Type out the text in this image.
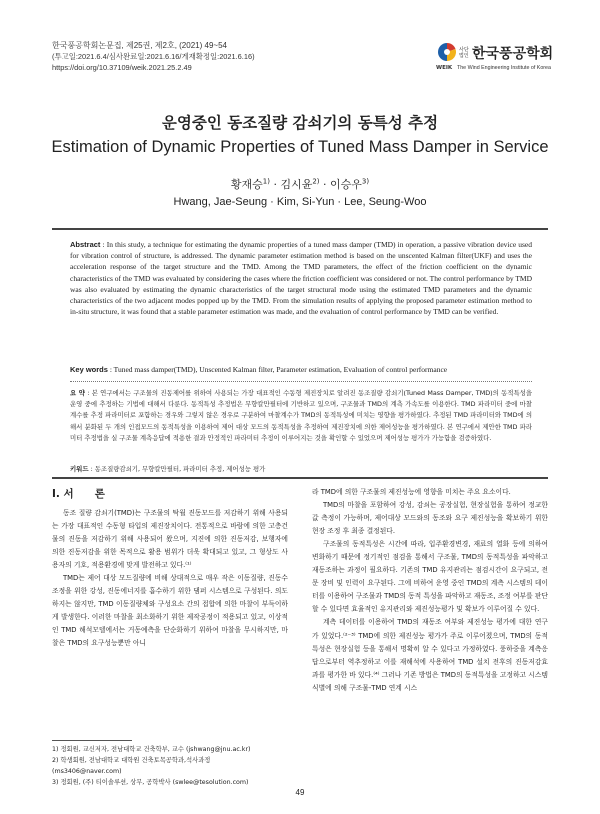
한국풍공학회논문집, 제25권, 제2호, (2021) 49~54
(투고일:2021.6.4/심사완료일:2021.6.16/게재확정일:2021.6.16)
https://doi.org/10.37109/weik.2021.25.2.49
사단
법인 한국풍공학회
WEIK The Wind Engineering Institute of Korea
운영중인 동조질량 감쇠기의 동특성 추정
Estimation of Dynamic Properties of Tuned Mass Damper in Service
황재승$^{1)}$ · 김시윤$^{2)}$ · 이승우$^{3)}$
Hwang, Jae-Seung · Kim, Si-Yun · Lee, Seung-Woo
Abstract : In this study, a technique for estimating the dynamic properties of a tuned mass damper (TMD) in operation, a passive vibration device used for vibration control of structure, is addressed. The dynamic parameter estimation method is based on the unscented Kalman filter(UKF) and uses the acceleration response of the target structure and the TMD. Among the TMD parameters, the effect of the friction coefficient on the dynamic characteristics of the TMD was evaluated by considering the cases where the friction coefficient was considered or not. The control performance by TMD was also evaluated by estimating the dynamic characteristics of the target structural mode using the estimated TMD parameters and the dynamic characteristics of the two adjacent modes popped up by the TMD. From the simulation results of applying the proposed parameter estimation method to in-situ structure, it was found that a stable parameter estimation was made, and the evaluation of control performance by TMD can be verified.
Key words : Tuned mass damper(TMD), Unscented Kalman filter, Parameter estimation, Evaluation of control performance
요 약 : 본 연구에서는 구조물의 진동제어를 위하여 사용되는 가장 대표적인 수동형 제진장치로 알려진 동조질량 감쇠기(Tuned Mass Damper, TMD)의 동적특성을 운영 중에 추정하는 기법에 대해서 다룬다. 동적특성 추정법은 무향칼만필터에 기반하고 있으며, 구조물과 TMD의 계측 가속도를 이용한다. TMD 파라미터 중에 마찰계수를 추정 파라미터로 포함하는 경우와 그렇지 않은 경우로 구분하여 마찰계수가 TMD의 동적특성에 미치는 영향을 평가하였다. 추정된 TMD 파라미터와 TMD에 의해서 분화된 두 개의 인접모드의 동적특성을 이용하여 제어 대상 모드의 동적특성을 추정하여 제진장치에 의한 제어성능을 평가하였다. 본 연구에서 제안한 TMD 파라미터 추정법을 실 구조물 계측응답에 적용한 결과 안정적인 파라미터 추정이 이루어지는 것을 확인할 수 있었으며 제어성능 평가가 가능함을 검증하였다.
키워드 : 동조질량감쇠기, 무향칼만필터, 파라미터 추정, 제어성능 평가
I. 서　　론

동조 질량 감쇠기(TMD)는 구조물의 탁월 진동모드를 저감하기 위해 사용되는 가장 대표적인 수동형 타입의 제진장치이다. 전통적으로 바람에 의한 고층건물의 진동을 저감하기 위해 사용되어 왔으며, 지진에 의한 진동저감, 보행자에 의한 진동저감을 위한 목적으로 활용 범위가 더욱 확대되고 있고, 그 형상도 사용자의 기호, 적용환경에 맞게 발전하고 있다.⁽¹⁾

TMD는 제어 대상 모드질량에 비해 상대적으로 매우 작은 이동질량, 진동수 조정을 위한 강성, 진동에너지를 흡수하기 위한 댐퍼 시스템으로 구성된다. 의도하지는 않지만, TMD 이동질량체와 구성요소 간의 접합에 의한 마찰이 부득이하게 발생한다. 이러한 마찰을 최소화하기 위한 제작공정이 적용되고 있고, 이상적인 TMD 해석모델에서는 거동예측을 단순화하기 위하여 마찰을 무시하지만, 마찰은 TMD의 요구성능뿐만 아니

라 TMD에 의한 구조물의 제진성능에 영향을 미치는 주요 요소이다.

TMD의 마찰을 포함하여 강성, 감쇠는 공장실험, 현장실험을 통하여 정교한 값 측정이 가능하며, 제어대상 모드와의 동조와 요구 제진성능을 확보하기 위한 현장 조정 후 최종 결정된다.

구조물의 동적특성은 시간에 따라, 입주환경변경, 재료의 열화 등에 의하여 변화하기 때문에 정기적인 점검을 통해서 구조물, TMD의 동적특성을 파악하고 재동조하는 과정이 필요하다. 기존의 TMD 유지관리는 점검시간이 요구되고, 전문 장비 및 인력이 요구된다. 그에 비하여 운영 중인 TMD의 계측 시스템의 데이터를 이용하여 구조물과 TMD의 동적 특성을 파악하고 재동조, 조정 여부를 판단할 수 있다면 효율적인 유지관리와 제진성능평가 및 확보가 이루어질 수 있다.

계측 데이터를 이용하여 TMD의 재동조 여부와 제진성능 평가에 대한 연구가 있었다.⁽²⁻³⁾ TMD에 의한 제진성능 평가가 주로 이루어졌으며, TMD의 동적 특성은 현장실험 등을 통해서 명확히 알 수 있다고 가정하였다. 풍하중을 계측응답으로부터 역추정하고 이를 재해석에 사용하여 TMD 설치 전후의 진동저감효과를 평가한 바 있다.⁽⁴⁾ 그러나 기존 방법은 TMD의 동적특성을 고정하고 시스템 식별에 의해 구조물-TMD 연계 시스

1) 정회원, 교신저자, 전남대학교 건축학부, 교수 (jshwang@jnu.ac.kr)
2) 학생회원, 전남대학교 대학원 건축토목공학과,석사과정
(ms3406@naver.com)
3) 정회원, (주) 티이솔루션, 상무, 공학박사 (swlee@tesolution.com)
49
